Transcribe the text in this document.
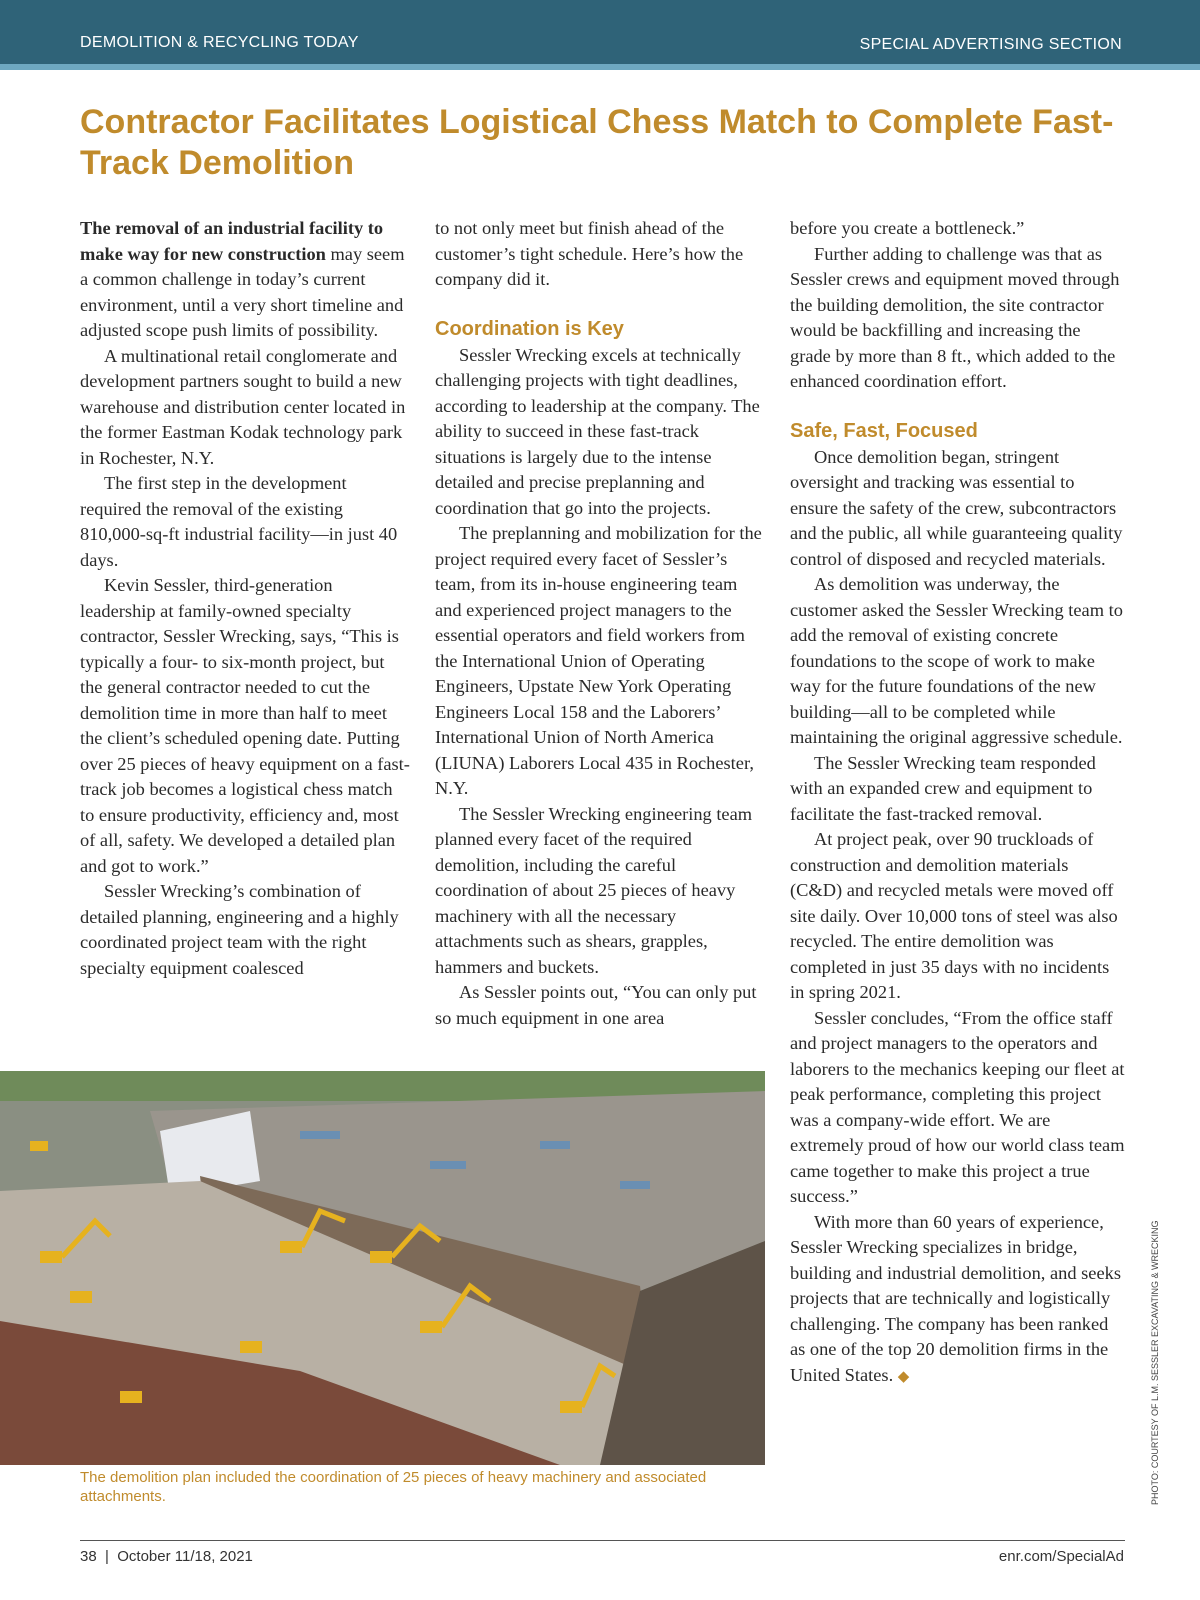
DEMOLITION & RECYCLING TODAY	SPECIAL ADVERTISING SECTION
Contractor Facilitates Logistical Chess Match to Complete Fast-Track Demolition

The removal of an industrial facility to make way for new construction may seem a common challenge in today’s current environment, until a very short timeline and adjusted scope push limits of possibility.

A multinational retail conglomerate and development partners sought to build a new warehouse and distribution center located in the former Eastman Kodak technology park in Rochester, N.Y.

The first step in the development required the removal of the existing 810,000-sq-ft industrial facility—in just 40 days.

Kevin Sessler, third-generation leadership at family-owned specialty contractor, Sessler Wrecking, says, “This is typically a four- to six-month project, but the general contractor needed to cut the demolition time in more than half to meet the client’s scheduled opening date. Putting over 25 pieces of heavy equipment on a fast-track job becomes a logistical chess match to ensure productivity, efficiency and, most of all, safety. We developed a detailed plan and got to work.”

Sessler Wrecking’s combination of detailed planning, engineering and a highly coordinated project team with the right specialty equipment coalesced

to not only meet but finish ahead of the customer’s tight schedule. Here’s how the company did it.

Coordination is Key

Sessler Wrecking excels at technically challenging projects with tight deadlines, according to leadership at the company. The ability to succeed in these fast-track situations is largely due to the intense detailed and precise preplanning and coordination that go into the projects.

The preplanning and mobilization for the project required every facet of Sessler’s team, from its in-house engineering team and experienced project managers to the essential operators and field workers from the International Union of Operating Engineers, Upstate New York Operating Engineers Local 158 and the Laborers’ International Union of North America (LIUNA) Laborers Local 435 in Rochester, N.Y.

The Sessler Wrecking engineering team planned every facet of the required demolition, including the careful coordination of about 25 pieces of heavy machinery with all the necessary attachments such as shears, grapples, hammers and buckets.

As Sessler points out, “You can only put so much equipment in one area

before you create a bottleneck.”

Further adding to challenge was that as Sessler crews and equipment moved through the building demolition, the site contractor would be backfilling and increasing the grade by more than 8 ft., which added to the enhanced coordination effort.

Safe, Fast, Focused

Once demolition began, stringent oversight and tracking was essential to ensure the safety of the crew, subcontractors and the public, all while guaranteeing quality control of disposed and recycled materials.

As demolition was underway, the customer asked the Sessler Wrecking team to add the removal of existing concrete foundations to the scope of work to make way for the future foundations of the new building—all to be completed while maintaining the original aggressive schedule.

The Sessler Wrecking team responded with an expanded crew and equipment to facilitate the fast-tracked removal.

At project peak, over 90 truckloads of construction and demolition materials (C&D) and recycled metals were moved off site daily. Over 10,000 tons of steel was also recycled. The entire demolition was completed in just 35 days with no incidents in spring 2021.

Sessler concludes, “From the office staff and project managers to the operators and laborers to the mechanics keeping our fleet at peak performance, completing this project was a company-wide effort. We are extremely proud of how our world class team came together to make this project a true success.”

With more than 60 years of experience, Sessler Wrecking specializes in bridge, building and industrial demolition, and seeks projects that are technically and logistically challenging. The company has been ranked as one of the top 20 demolition firms in the United States. ◆

The demolition plan included the coordination of 25 pieces of heavy machinery and associated attachments.	PHOTO: COURTESY OF L.M. SESSLER EXCAVATING & WRECKING
38  |  October 11/18, 2021	enr.com/SpecialAd
